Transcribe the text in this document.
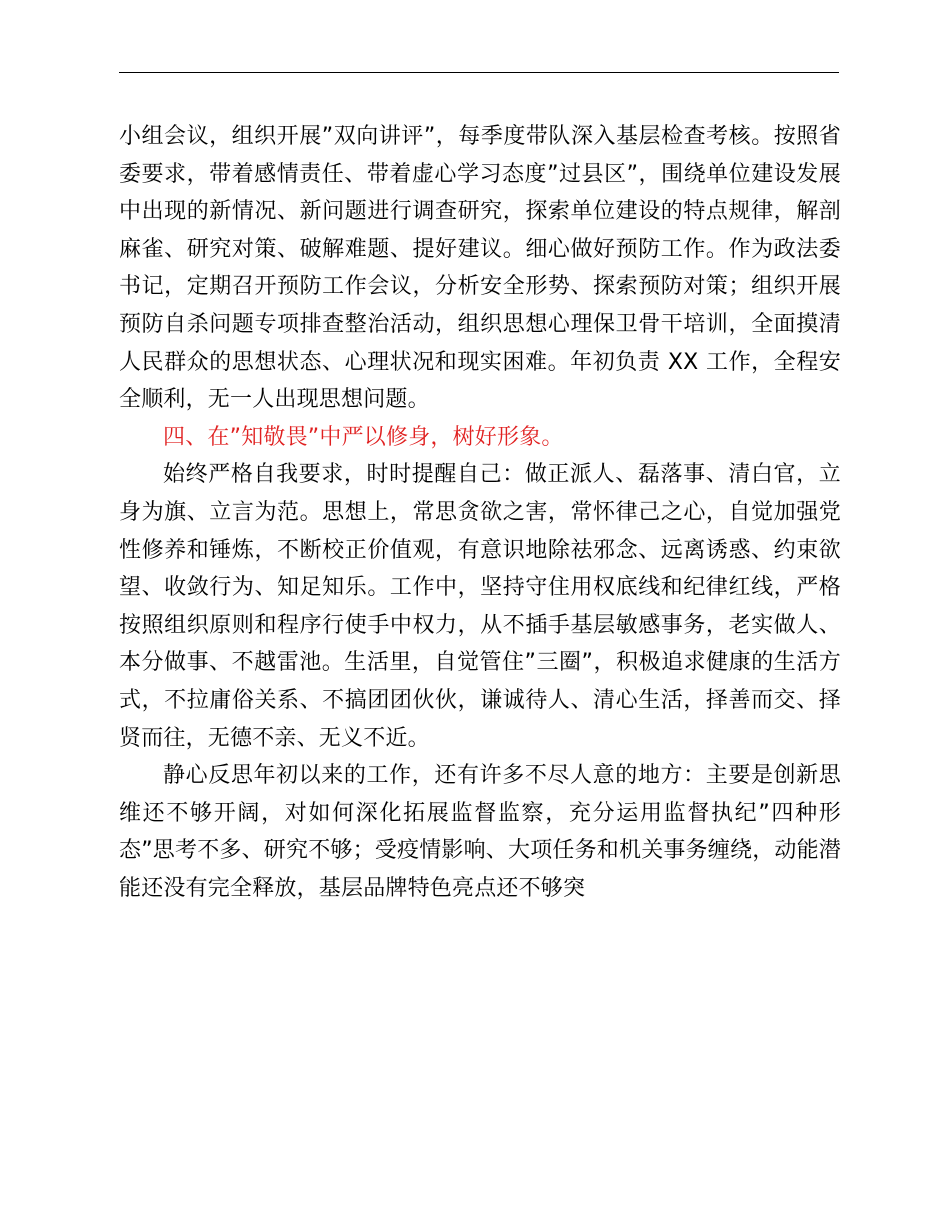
小组会议，组织开展”双向讲评”，每季度带队深入基层检查考核。按照省委要求，带着感情责任、带着虚心学习态度”过县区”，围绕单位建设发展中出现的新情况、新问题进行调查研究，探索单位建设的特点规律，解剖麻雀、研究对策、破解难题、提好建议。细心做好预防工作。作为政法委书记，定期召开预防工作会议，分析安全形势、探索预防对策；组织开展预防自杀问题专项排查整治活动，组织思想心理保卫骨干培训，全面摸清人民群众的思想状态、心理状况和现实困难。年初负责 XX 工作，全程安全顺利，无一人出现思想问题。

四、在”知敬畏”中严以修身，树好形象。

始终严格自我要求，时时提醒自己：做正派人、磊落事、清白官，立身为旗、立言为范。思想上，常思贪欲之害，常怀律己之心，自觉加强党性修养和锤炼，不断校正价值观，有意识地除祛邪念、远离诱惑、约束欲望、收敛行为、知足知乐。工作中，坚持守住用权底线和纪律红线，严格按照组织原则和程序行使手中权力，从不插手基层敏感事务，老实做人、本分做事、不越雷池。生活里，自觉管住”三圈”，积极追求健康的生活方式，不拉庸俗关系、不搞团团伙伙，谦诚待人、清心生活，择善而交、择贤而往，无德不亲、无义不近。

静心反思年初以来的工作，还有许多不尽人意的地方：主要是创新思维还不够开阔，对如何深化拓展监督监察，充分运用监督执纪”四种形态”思考不多、研究不够；受疫情影响、大项任务和机关事务缠绕，动能潜能还没有完全释放，基层品牌特色亮点还不够突
